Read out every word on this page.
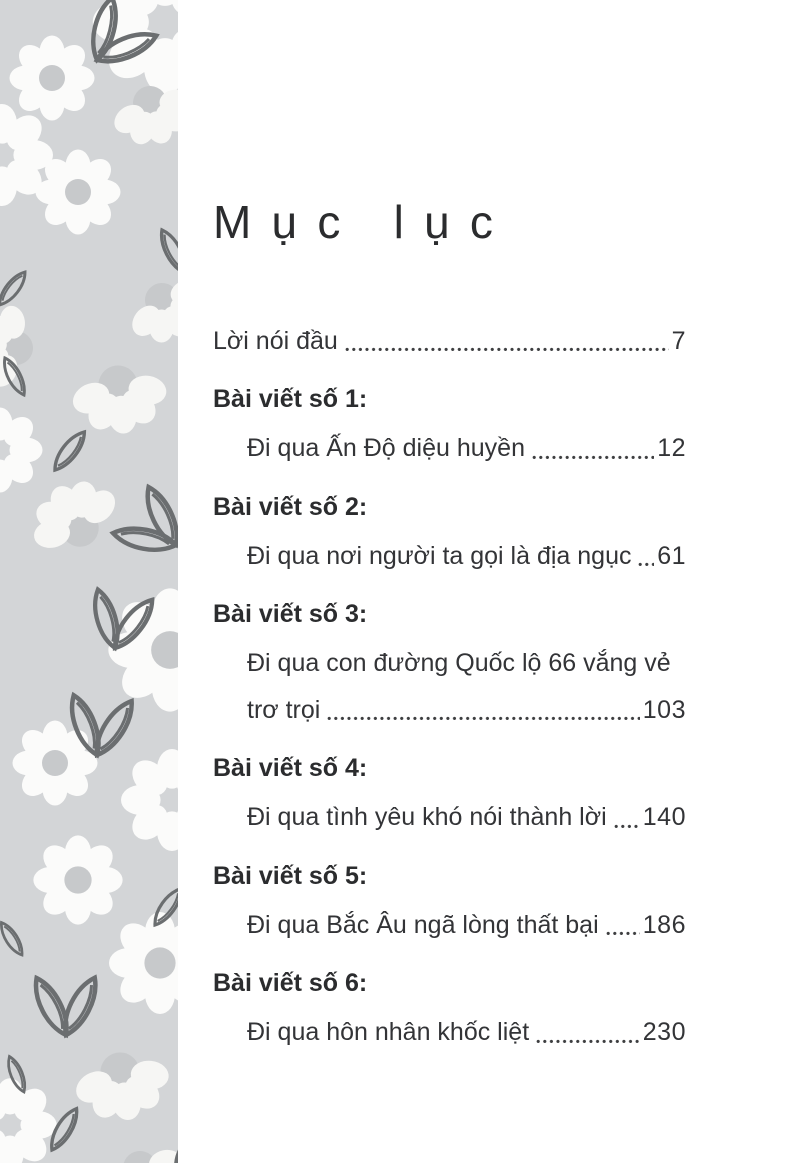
Mục lục
Lời nói đầu	7
Bài viết số 1:
Đi qua Ấn Độ diệu huyền	12
Bài viết số 2:
Đi qua nơi người ta gọi là địa ngục 61
Bài viết số 3:
Đi qua con đường Quốc lộ 66 vắng vẻ
trơ trọi	103
Bài viết số 4:
Đi qua tình yêu khó nói thành lời 140
Bài viết số 5:
Đi qua Bắc Âu ngã lòng thất bại 186
Bài viết số 6:
Đi qua hôn nhân khốc liệt	230
